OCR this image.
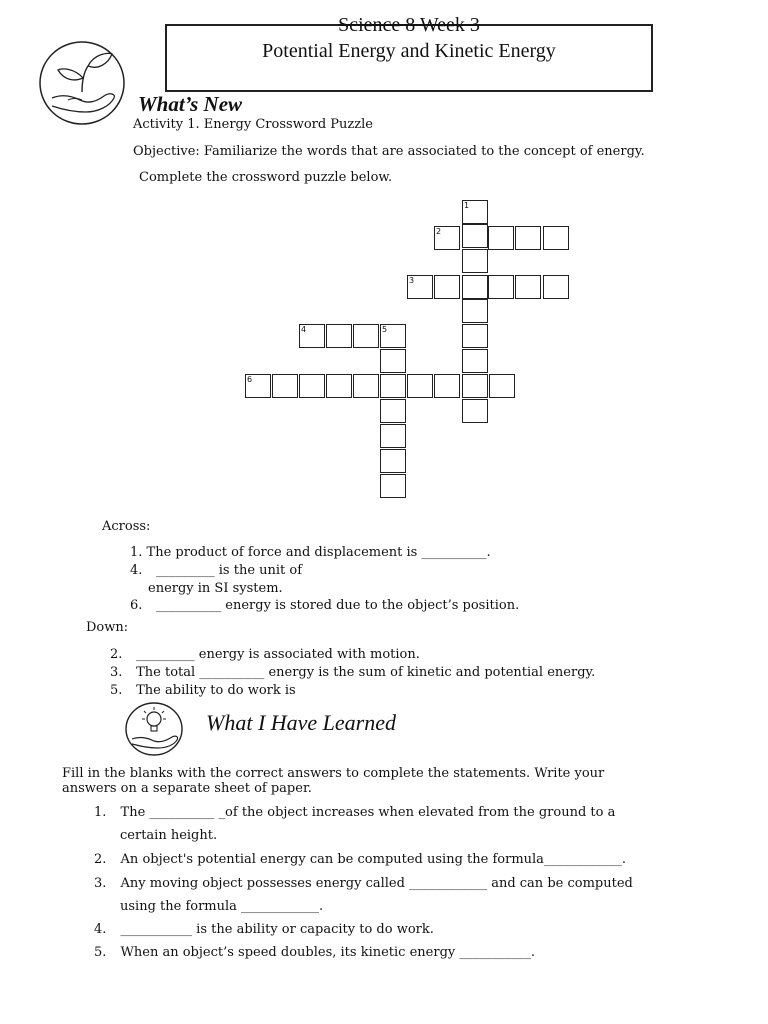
Science 8 Week 3
Potential Energy and Kinetic Energy
What’s New
Activity 1. Energy Crossword Puzzle
Objective: Familiarize the words that are associated to the concept of energy.
Complete the crossword puzzle below.
1
2
3
4	5
6
Across:
1. The product of force and displacement is __________.
4. _________ is the unit of
energy in SI system.
6. __________ energy is stored due to the object’s position.
Down:
2. _________ energy is associated with motion.
3. The total __________ energy is the sum of kinetic and potential energy.
5. The ability to do work is
What I Have Learned
Fill in the blanks with the correct answers to complete the statements. Write your
answers on a separate sheet of paper.
1. The __________ _of the object increases when elevated from the ground to a
certain height.
2. An object's potential energy can be computed using the formula____________.
3. Any moving object possesses energy called ____________ and can be computed
using the formula ____________.
4. ___________ is the ability or capacity to do work.
5. When an object’s speed doubles, its kinetic energy ___________.
